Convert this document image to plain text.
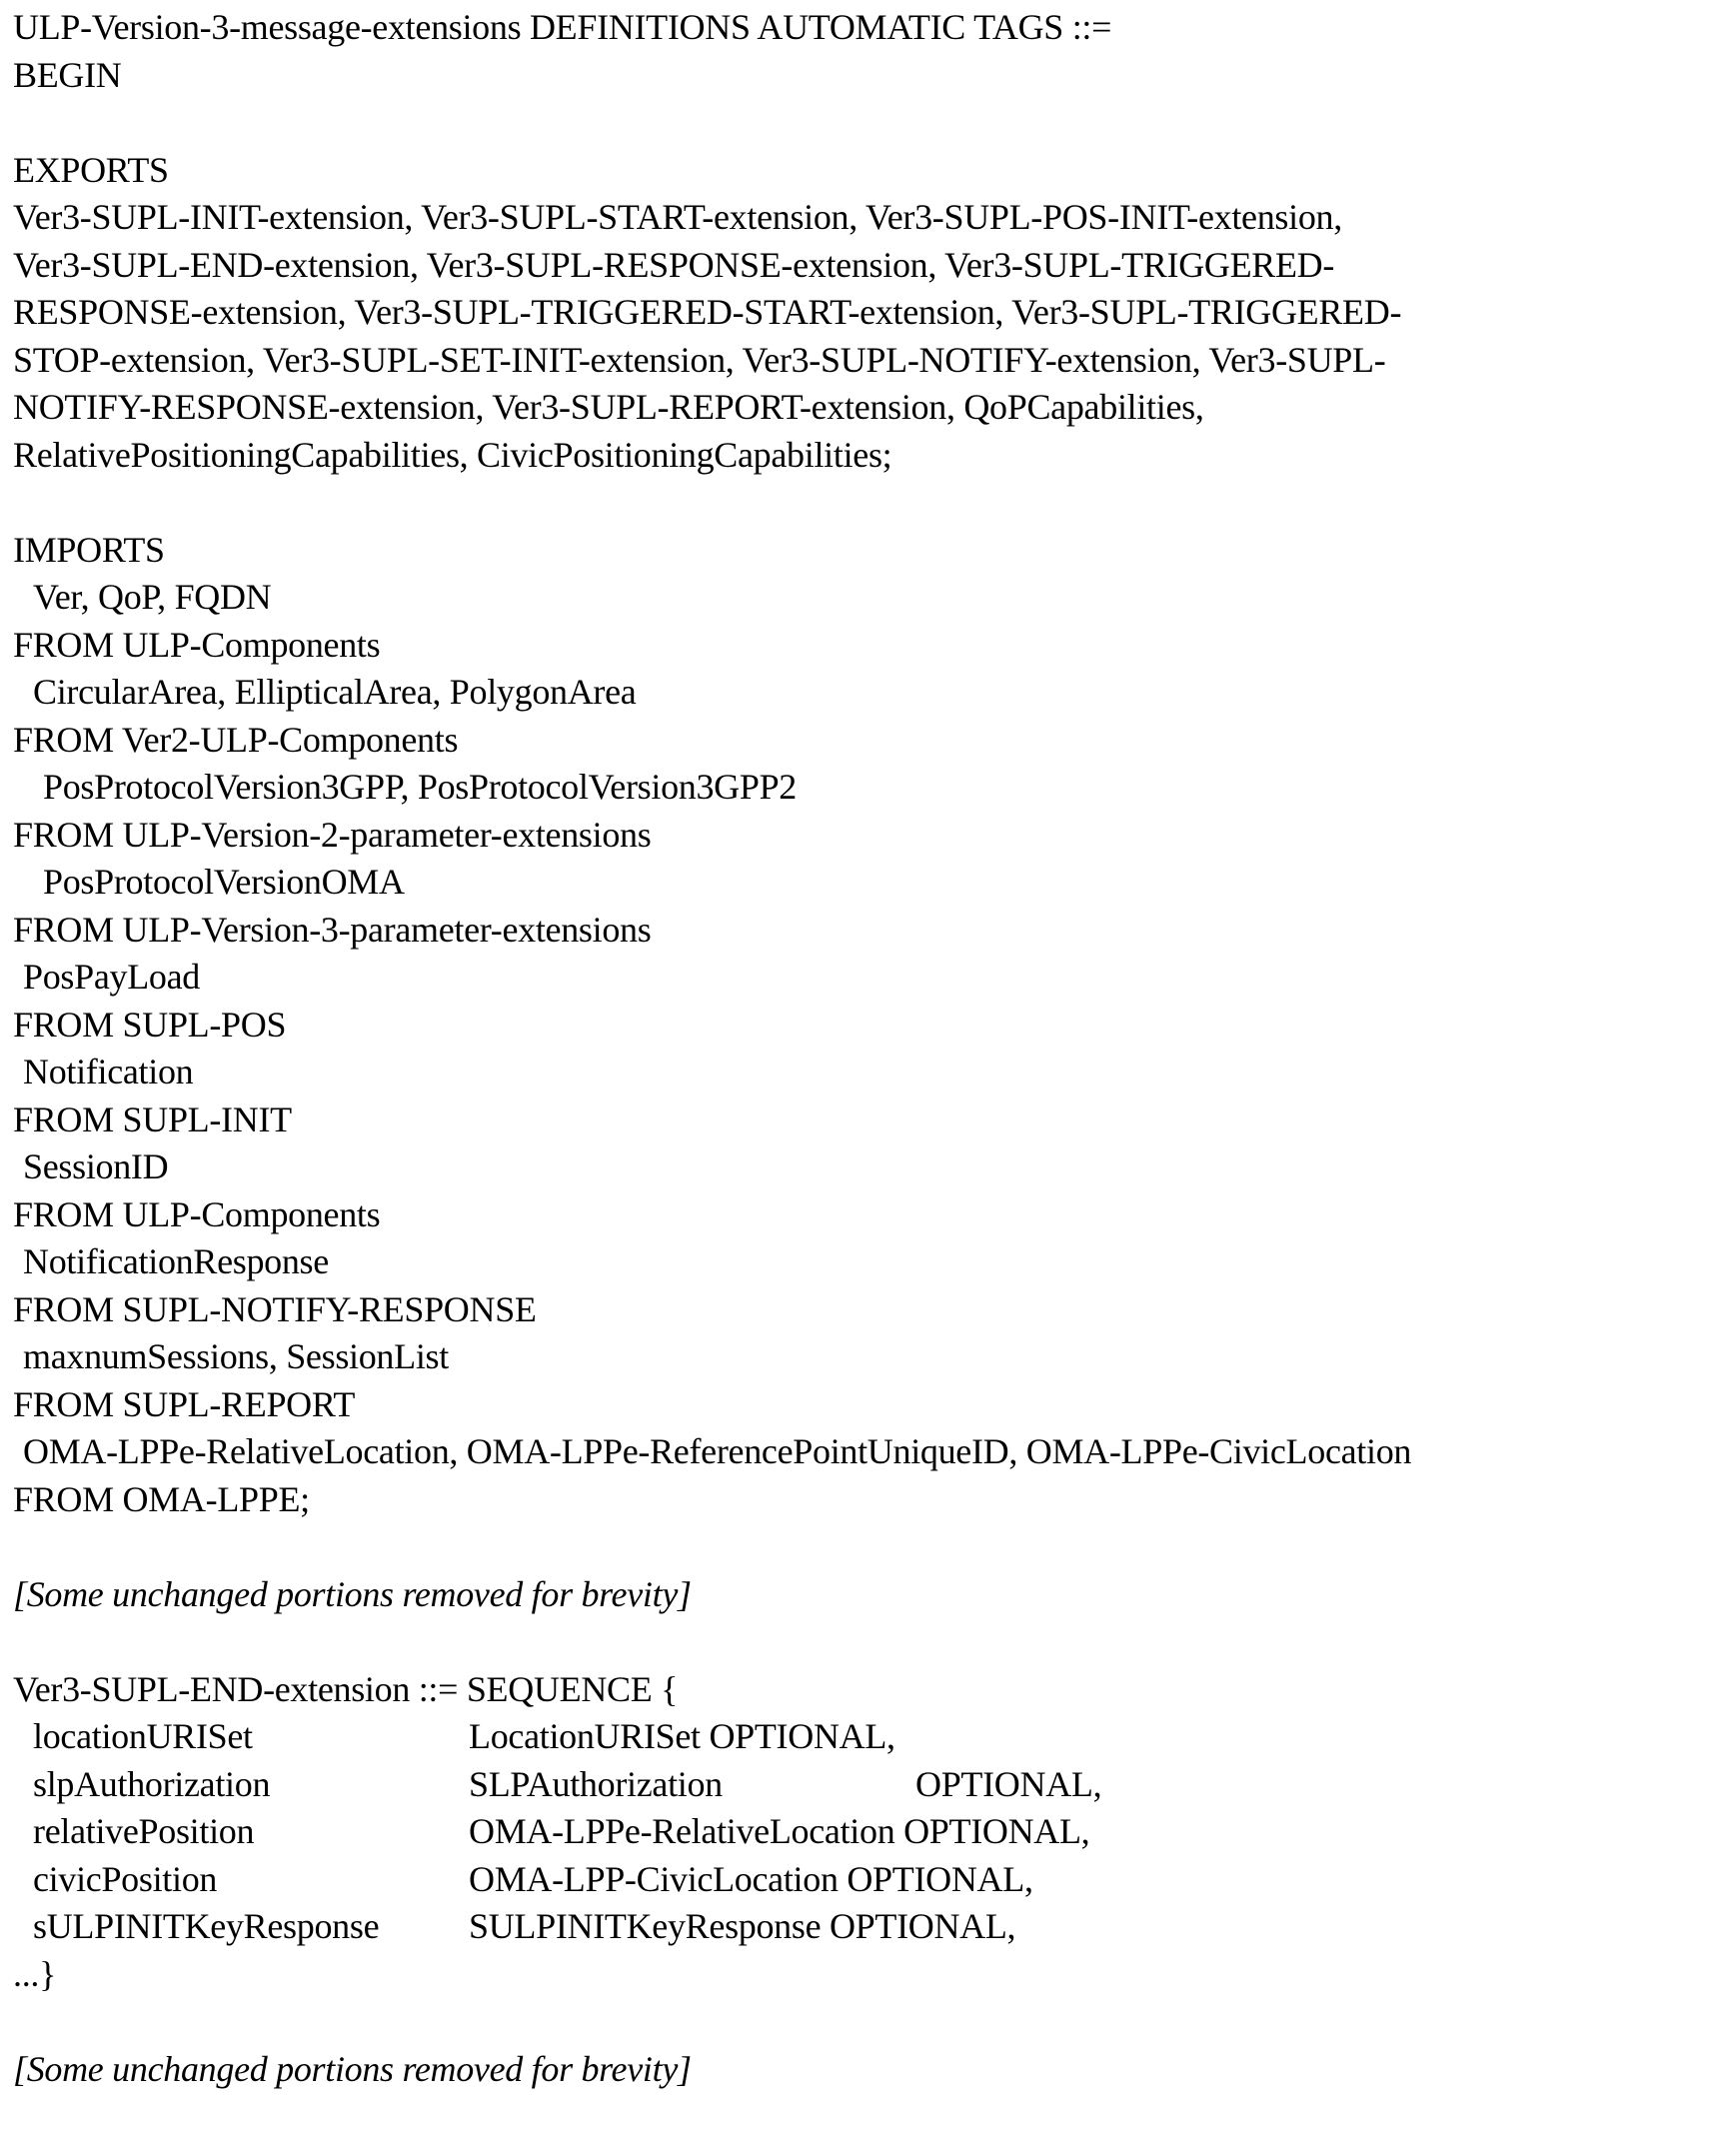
ULP-Version-3-message-extensions DEFINITIONS AUTOMATIC TAGS ::=
BEGIN
EXPORTS
Ver3-SUPL-INIT-extension, Ver3-SUPL-START-extension, Ver3-SUPL-POS-INIT-extension,
Ver3-SUPL-END-extension, Ver3-SUPL-RESPONSE-extension, Ver3-SUPL-TRIGGERED-
RESPONSE-extension, Ver3-SUPL-TRIGGERED-START-extension, Ver3-SUPL-TRIGGERED-
STOP-extension, Ver3-SUPL-SET-INIT-extension, Ver3-SUPL-NOTIFY-extension, Ver3-SUPL-
NOTIFY-RESPONSE-extension, Ver3-SUPL-REPORT-extension, QoPCapabilities,
RelativePositioningCapabilities, CivicPositioningCapabilities;
IMPORTS
Ver, QoP, FQDN
FROM ULP-Components
CircularArea, EllipticalArea, PolygonArea
FROM Ver2-ULP-Components
PosProtocolVersion3GPP, PosProtocolVersion3GPP2
FROM ULP-Version-2-parameter-extensions
PosProtocolVersionOMA
FROM ULP-Version-3-parameter-extensions
PosPayLoad
FROM SUPL-POS
Notification
FROM SUPL-INIT
SessionID
FROM ULP-Components
NotificationResponse
FROM SUPL-NOTIFY-RESPONSE
maxnumSessions, SessionList
FROM SUPL-REPORT
OMA-LPPe-RelativeLocation, OMA-LPPe-ReferencePointUniqueID, OMA-LPPe-CivicLocation
FROM OMA-LPPE;
[Some unchanged portions removed for brevity]
Ver3-SUPL-END-extension ::= SEQUENCE {
locationURISet	LocationURISet OPTIONAL,
slpAuthorization	SLPAuthorization	OPTIONAL,
relativePosition	OMA-LPPe-RelativeLocation OPTIONAL,
civicPosition	OMA-LPP-CivicLocation OPTIONAL,
sULPINITKeyResponse	SULPINITKeyResponse OPTIONAL,
...}
[Some unchanged portions removed for brevity]
